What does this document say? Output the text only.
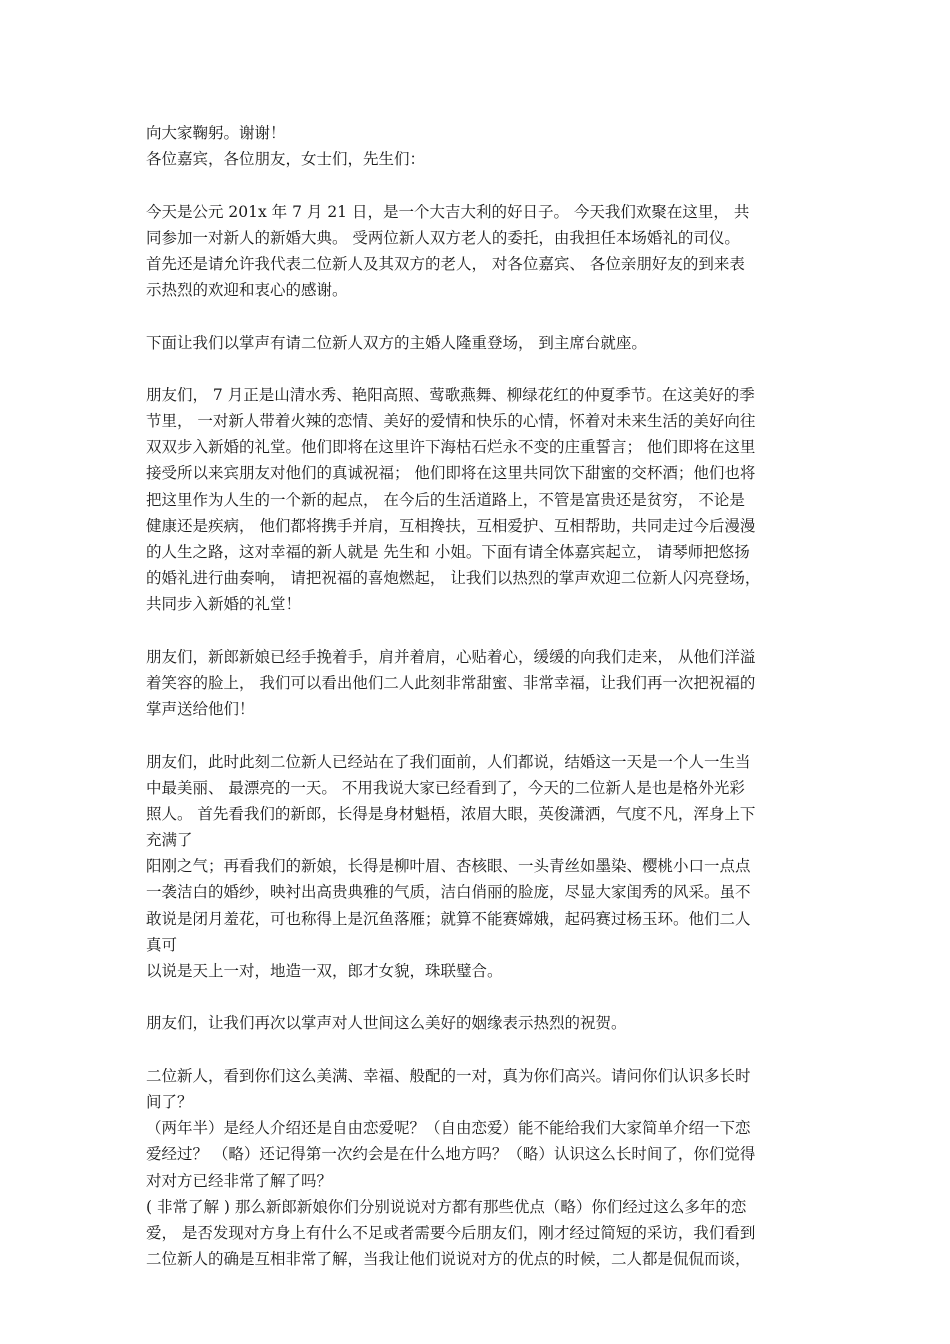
向大家鞠躬。谢谢！
各位嘉宾，各位朋友，女士们，先生们：
今天是公元 201x 年 7 月 21 日，是一个大吉大利的好日子。 今天我们欢聚在这里， 共
同参加一对新人的新婚大典。 受两位新人双方老人的委托，由我担任本场婚礼的司仪。
首先还是请允许我代表二位新人及其双方的老人， 对各位嘉宾、 各位亲朋好友的到来表
示热烈的欢迎和衷心的感谢。
下面让我们以掌声有请二位新人双方的主婚人隆重登场， 到主席台就座。
朋友们， 7 月正是山清水秀、艳阳高照、莺歌燕舞、柳绿花红的仲夏季节。在这美好的季
节里， 一对新人带着火辣的恋情、美好的爱情和快乐的心情，怀着对未来生活的美好向往
双双步入新婚的礼堂。他们即将在这里许下海枯石烂永不变的庄重誓言； 他们即将在这里
接受所以来宾朋友对他们的真诚祝福； 他们即将在这里共同饮下甜蜜的交杯酒；他们也将
把这里作为人生的一个新的起点， 在今后的生活道路上，不管是富贵还是贫穷， 不论是
健康还是疾病， 他们都将携手并肩，互相搀扶，互相爱护、互相帮助，共同走过今后漫漫
的人生之路，这对幸福的新人就是 先生和 小姐。下面有请全体嘉宾起立， 请琴师把悠扬
的婚礼进行曲奏响， 请把祝福的喜炮燃起， 让我们以热烈的掌声欢迎二位新人闪亮登场，
共同步入新婚的礼堂！
朋友们，新郎新娘已经手挽着手，肩并着肩，心贴着心，缓缓的向我们走来， 从他们洋溢
着笑容的脸上， 我们可以看出他们二人此刻非常甜蜜、非常幸福，让我们再一次把祝福的
掌声送给他们！
朋友们，此时此刻二位新人已经站在了我们面前，人们都说，结婚这一天是一个人一生当
中最美丽、 最漂亮的一天。 不用我说大家已经看到了，今天的二位新人是也是格外光彩
照人。 首先看我们的新郎，长得是身材魁梧，浓眉大眼，英俊潇洒，气度不凡，浑身上下
充满了
阳刚之气；再看我们的新娘，长得是柳叶眉、杏核眼、一头青丝如墨染、樱桃小口一点点
一袭洁白的婚纱，映衬出高贵典雅的气质，洁白俏丽的脸庞，尽显大家闺秀的风采。虽不
敢说是闭月羞花，可也称得上是沉鱼落雁；就算不能赛嫦娥，起码赛过杨玉环。他们二人
真可
以说是天上一对，地造一双，郎才女貌，珠联璧合。
朋友们，让我们再次以掌声对人世间这么美好的姻缘表示热烈的祝贺。
二位新人，看到你们这么美满、幸福、般配的一对，真为你们高兴。请问你们认识多长时
间了？
（两年半）是经人介绍还是自由恋爱呢？（自由恋爱）能不能给我们大家简单介绍一下恋
爱经过？ （略）还记得第一次约会是在什么地方吗？（略）认识这么长时间了，你们觉得
对对方已经非常了解了吗？
( 非常了解 ) 那么新郎新娘你们分别说说对方都有那些优点（略）你们经过这么多年的恋
爱， 是否发现对方身上有什么不足或者需要今后朋友们，刚才经过简短的采访，我们看到
二位新人的确是互相非常了解，当我让他们说说对方的优点的时候，二人都是侃侃而谈，
